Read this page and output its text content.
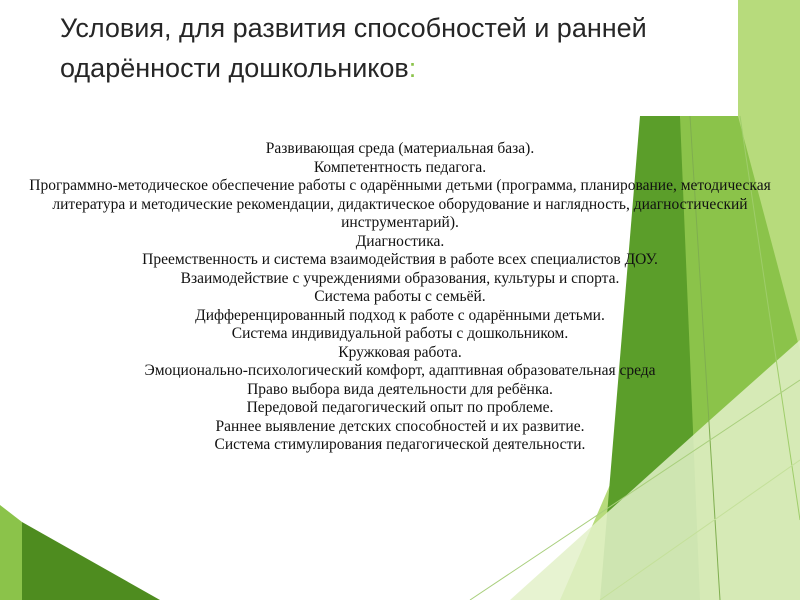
Условия, для развития способностей и ранней одарённости дошкольников:
Развивающая среда (материальная база).
Компетентность педагога.
Программно-методическое обеспечение работы с одарёнными детьми (программа, планирование, методическая литература и методические рекомендации, дидактическое оборудование и наглядность, диагностический инструментарий).
Диагностика.
Преемственность и система взаимодействия в работе всех специалистов ДОУ.
Взаимодействие с учреждениями образования, культуры и спорта.
Система работы с семьёй.
Дифференцированный подход к работе с одарёнными детьми.
Система индивидуальной работы с дошкольником.
Кружковая работа.
Эмоционально-психологический комфорт, адаптивная образовательная среда
Право выбора вида деятельности для ребёнка.
Передовой педагогический опыт по проблеме.
Раннее выявление детских способностей и их развитие.
Система стимулирования педагогической деятельности.
